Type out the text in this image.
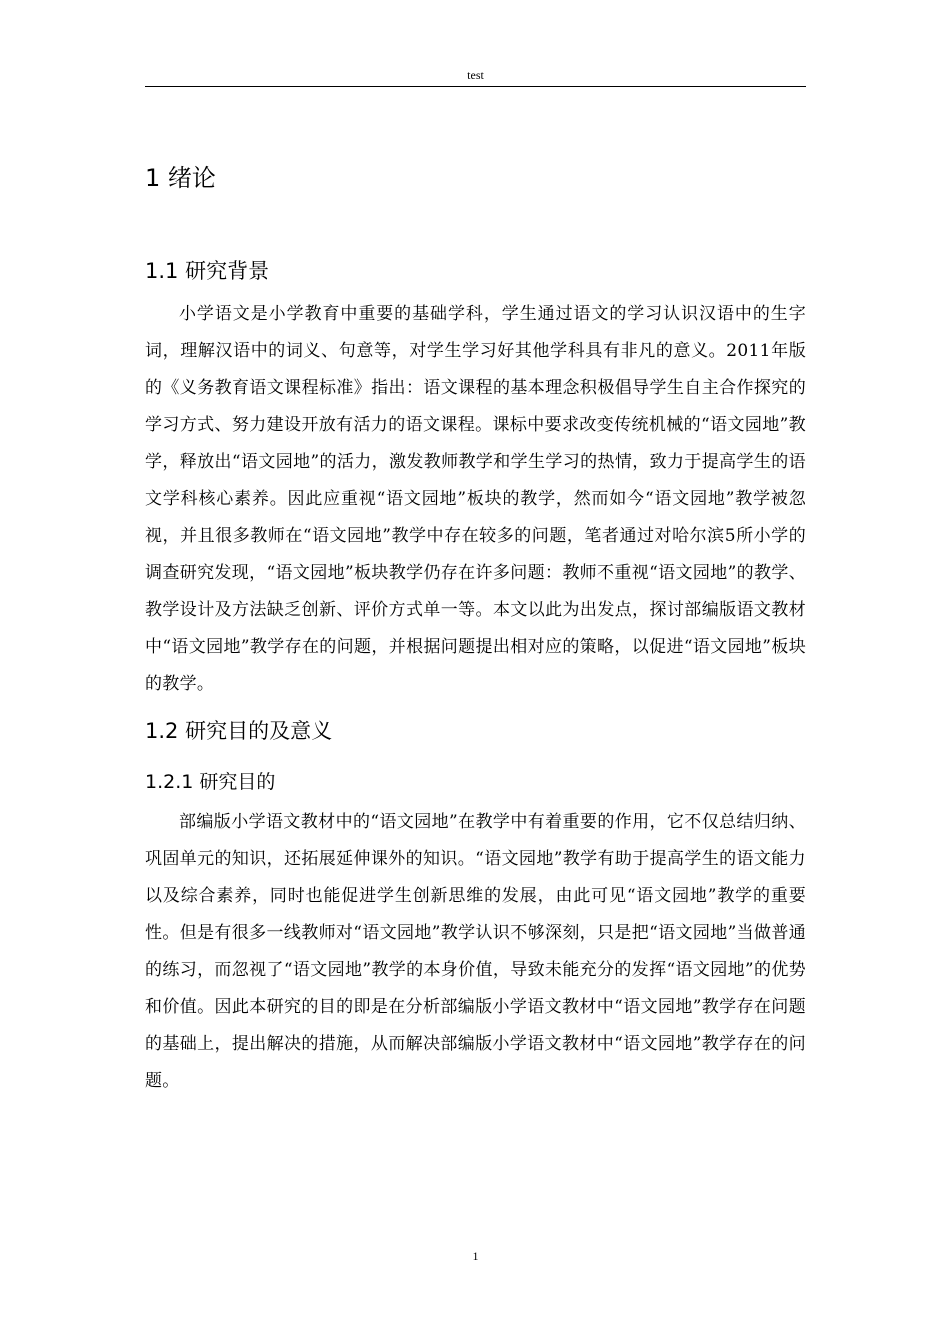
test
1 绪论
1.1 研究背景

小学语文是小学教育中重要的基础学科，学生通过语文的学习认识汉语中的生字词，理解汉语中的词义、句意等，对学生学习好其他学科具有非凡的意义。2011年版的《义务教育语文课程标准》指出：语文课程的基本理念积极倡导学生自主合作探究的学习方式、努力建设开放有活力的语文课程。课标中要求改变传统机械的“语文园地”教学，释放出“语文园地”的活力，激发教师教学和学生学习的热情，致力于提高学生的语文学科核心素养。因此应重视“语文园地”板块的教学，然而如今“语文园地”教学被忽视，并且很多教师在“语文园地”教学中存在较多的问题，笔者通过对哈尔滨5所小学的调查研究发现，“语文园地”板块教学仍存在许多问题：教师不重视“语文园地”的教学、教学设计及方法缺乏创新、评价方式单一等。本文以此为出发点，探讨部编版语文教材中“语文园地”教学存在的问题，并根据问题提出相对应的策略，以促进“语文园地”板块的教学。

1.2 研究目的及意义
1.2.1 研究目的

部编版小学语文教材中的“语文园地”在教学中有着重要的作用，它不仅总结归纳、巩固单元的知识，还拓展延伸课外的知识。“语文园地”教学有助于提高学生的语文能力以及综合素养，同时也能促进学生创新思维的发展，由此可见“语文园地”教学的重要性。但是有很多一线教师对“语文园地”教学认识不够深刻，只是把“语文园地”当做普通的练习，而忽视了“语文园地”教学的本身价值，导致未能充分的发挥“语文园地”的优势和价值。因此本研究的目的即是在分析部编版小学语文教材中“语文园地”教学存在问题的基础上，提出解决的措施，从而解决部编版小学语文教材中“语文园地”教学存在的问题。

1
